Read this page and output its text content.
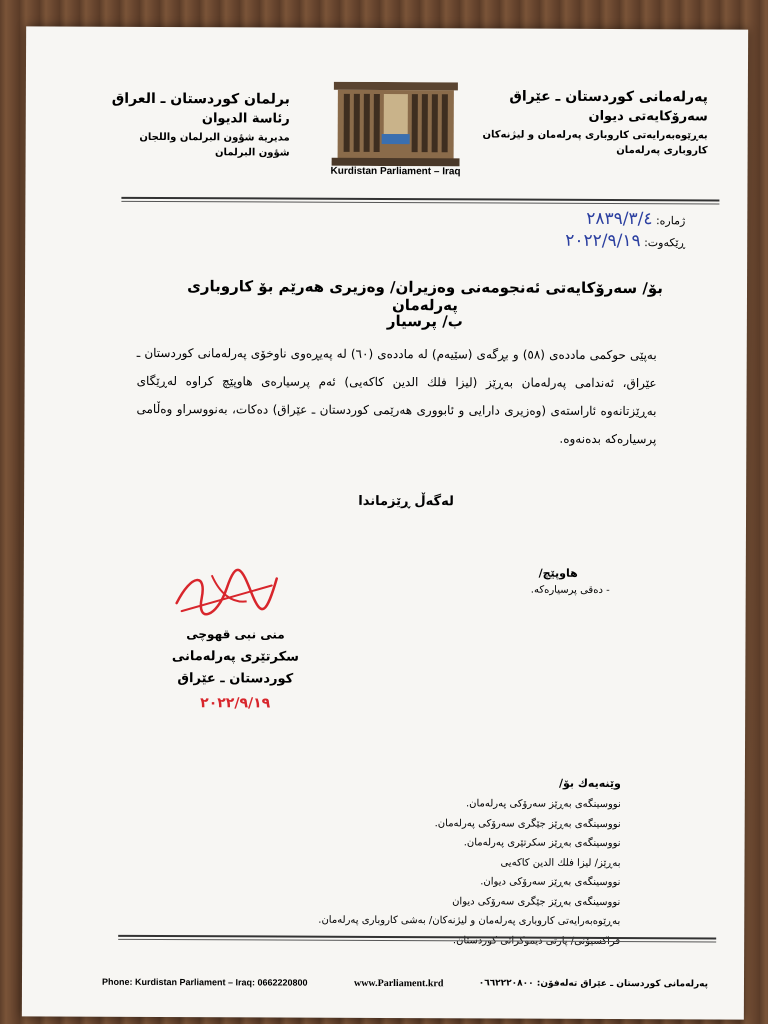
پەرلەمانی کوردستان ـ عێراق
سەرۆکایەتی دیوان
بەڕێوەبەرایەتی کاروباری پەرلەمان و لیژنەکان
کاروباری پەرلەمان
برلمان كوردستان ـ العراق
رئاسة الديوان
مديرية شؤون البرلمان واللجان
شؤون البرلمان
Kurdistan Parliament – Iraq
ژمارە: ٢٨٣٩/٣/٤
ڕێکەوت: ٢٠٢٢/٩/١٩
بۆ/ سەرۆکایەتی ئەنجومەنی وەزیران/ وەزیری هەرێم بۆ کاروباری پەرلەمان
ب/ پرسیار
بەپێی حوکمی ماددەی (٥٨) و بڕگەی (سێیەم) لە ماددەی (٦٠) لە پەیڕەوی ناوخۆی پەرلەمانی کوردستان ـ عێراق، ئەندامی پەرلەمان بەڕێز (لیزا فلك الدین کاکەیی) ئەم پرسیارەی هاوپێچ کراوە لەڕێگای بەڕێزتانەوە ئاراستەی (وەزیری دارایی و ئابووری هەرێمی کوردستان ـ عێراق) دەکات، بەنووسراو وەڵامی پرسیارەکە بدەنەوە.
لەگەڵ ڕێزماندا
هاوپێچ/
- دەقی پرسیارەکە.
منی نبی قهوچی
سکرتێری پەرلەمانی
کوردستان ـ عێراق
٢٠٢٢/٩/١٩
وێنەیەك بۆ/
نووسینگەی بەڕێز سەرۆکی پەرلەمان.
نووسینگەی بەڕێز جێگری سەرۆکی پەرلەمان.
نووسینگەی بەڕێز سکرتێری پەرلەمان.
بەڕێز/ لیزا فلك الدین کاکەیی
نووسینگەی بەڕێز سەرۆکی دیوان.
نووسینگەی بەڕێز جێگری سەرۆکی دیوان
بەڕێوەبەرایەتی کاروباری پەرلەمان و لیژنەکان/ بەشی کاروباری پەرلەمان.
فراکسیۆنی/ پارتی دیموکراتی کوردستان.
Phone: Kurdistan Parliament – Iraq: 0662220800	www.Parliament.krd	پەرلەمانی کوردستان ـ عێراق تەلەفۆن: ٠٦٦٢٢٢٠٨٠٠
